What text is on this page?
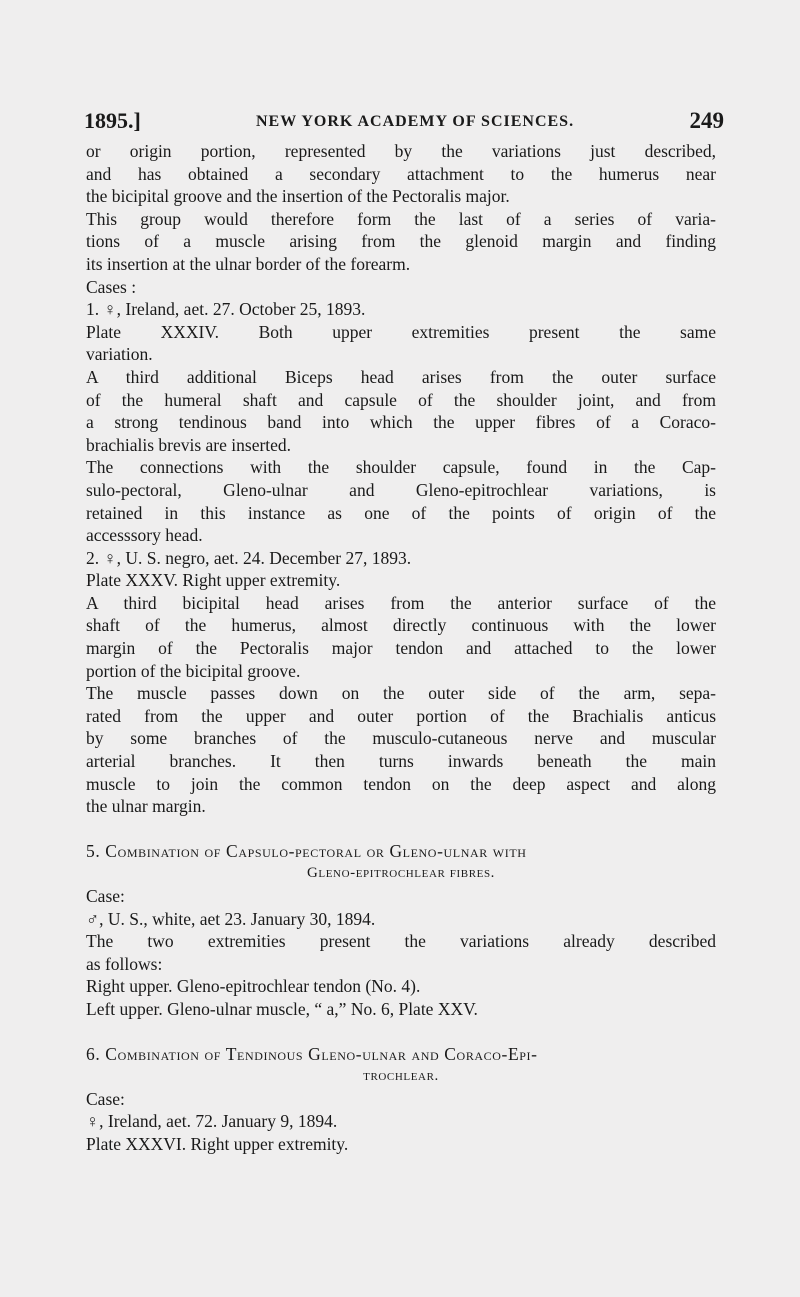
1895.]	NEW YORK ACADEMY OF SCIENCES.	249
or origin portion, represented by the variations just described,
and has obtained a secondary attachment to the humerus near
the bicipital groove and the insertion of the Pectoralis major.
This group would therefore form the last of a series of varia-
tions of a muscle arising from the glenoid margin and finding
its insertion at the ulnar border of the forearm.
Cases :
1. ♀, Ireland, aet. 27. October 25, 1893.
Plate XXXIV. Both upper extremities present the same
variation.
A third additional Biceps head arises from the outer surface
of the humeral shaft and capsule of the shoulder joint, and from
a strong tendinous band into which the upper fibres of a Coraco-
brachialis brevis are inserted.
The connections with the shoulder capsule, found in the Cap-
sulo-pectoral, Gleno-ulnar and Gleno-epitrochlear variations, is
retained in this instance as one of the points of origin of the
accesssory head.
2. ♀, U. S. negro, aet. 24. December 27, 1893.
Plate XXXV. Right upper extremity.
A third bicipital head arises from the anterior surface of the
shaft of the humerus, almost directly continuous with the lower
margin of the Pectoralis major tendon and attached to the lower
portion of the bicipital groove.
The muscle passes down on the outer side of the arm, sepa-
rated from the upper and outer portion of the Brachialis anticus
by some branches of the musculo-cutaneous nerve and muscular
arterial branches. It then turns inwards beneath the main
muscle to join the common tendon on the deep aspect and along
the ulnar margin.
5. Combination of Capsulo-pectoral or Gleno-ulnar with
Gleno-epitrochlear fibres.
Case:
♂, U. S., white, aet 23. January 30, 1894.
The two extremities present the variations already described
as follows:
Right upper. Gleno-epitrochlear tendon (No. 4).
Left upper. Gleno-ulnar muscle, “ a,” No. 6, Plate XXV.
6. Combination of Tendinous Gleno-ulnar and Coraco-Epi-
trochlear.
Case:
♀, Ireland, aet. 72. January 9, 1894.
Plate XXXVI. Right upper extremity.
